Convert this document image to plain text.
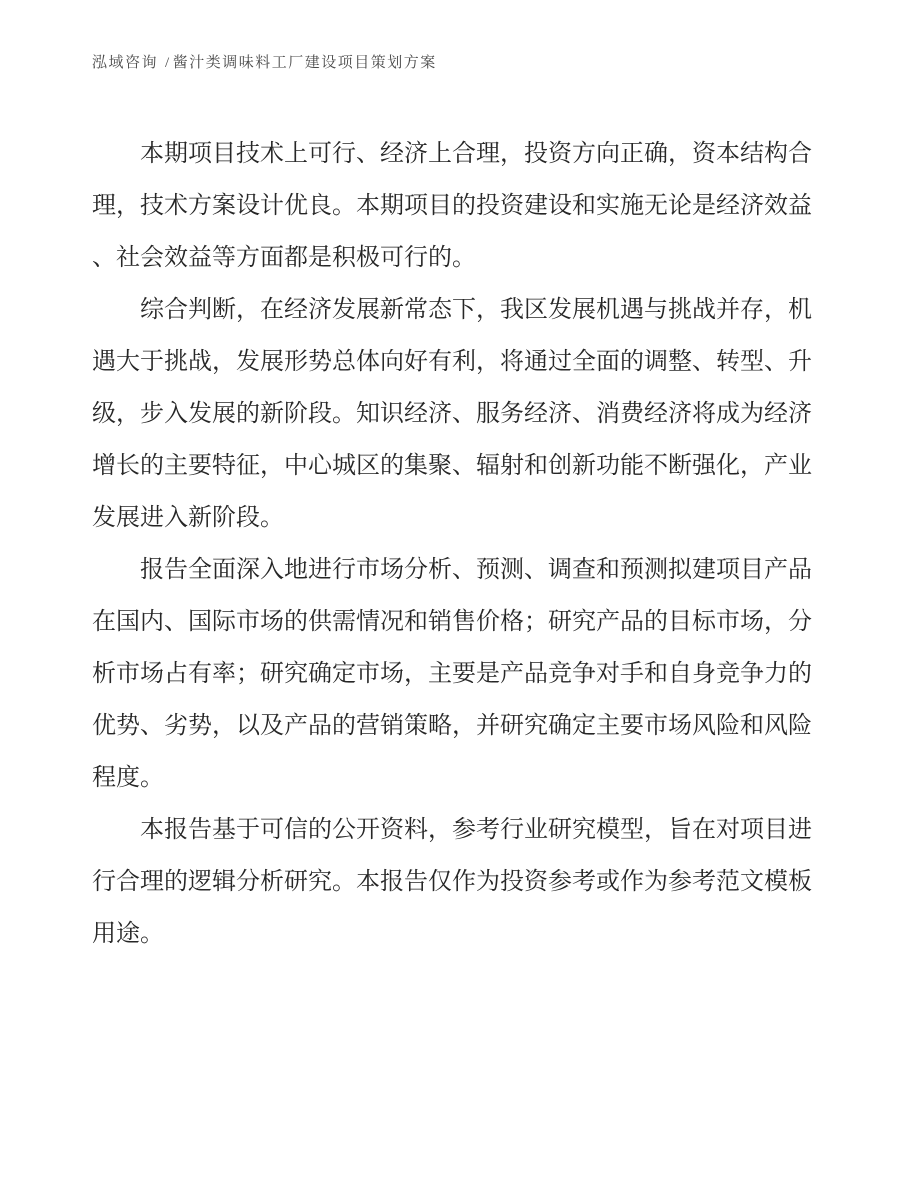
泓域咨询 / 酱汁类调味料工厂建设项目策划方案
本期项目技术上可行、经济上合理，投资方向正确，资本结构合
理，技术方案设计优良。本期项目的投资建设和实施无论是经济效益
、社会效益等方面都是积极可行的。
综合判断，在经济发展新常态下，我区发展机遇与挑战并存，机
遇大于挑战，发展形势总体向好有利，将通过全面的调整、转型、升
级，步入发展的新阶段。知识经济、服务经济、消费经济将成为经济
增长的主要特征，中心城区的集聚、辐射和创新功能不断强化，产业
发展进入新阶段。
报告全面深入地进行市场分析、预测、调查和预测拟建项目产品
在国内、国际市场的供需情况和销售价格；研究产品的目标市场，分
析市场占有率；研究确定市场，主要是产品竞争对手和自身竞争力的
优势、劣势，以及产品的营销策略，并研究确定主要市场风险和风险
程度。
本报告基于可信的公开资料，参考行业研究模型，旨在对项目进
行合理的逻辑分析研究。本报告仅作为投资参考或作为参考范文模板
用途。
